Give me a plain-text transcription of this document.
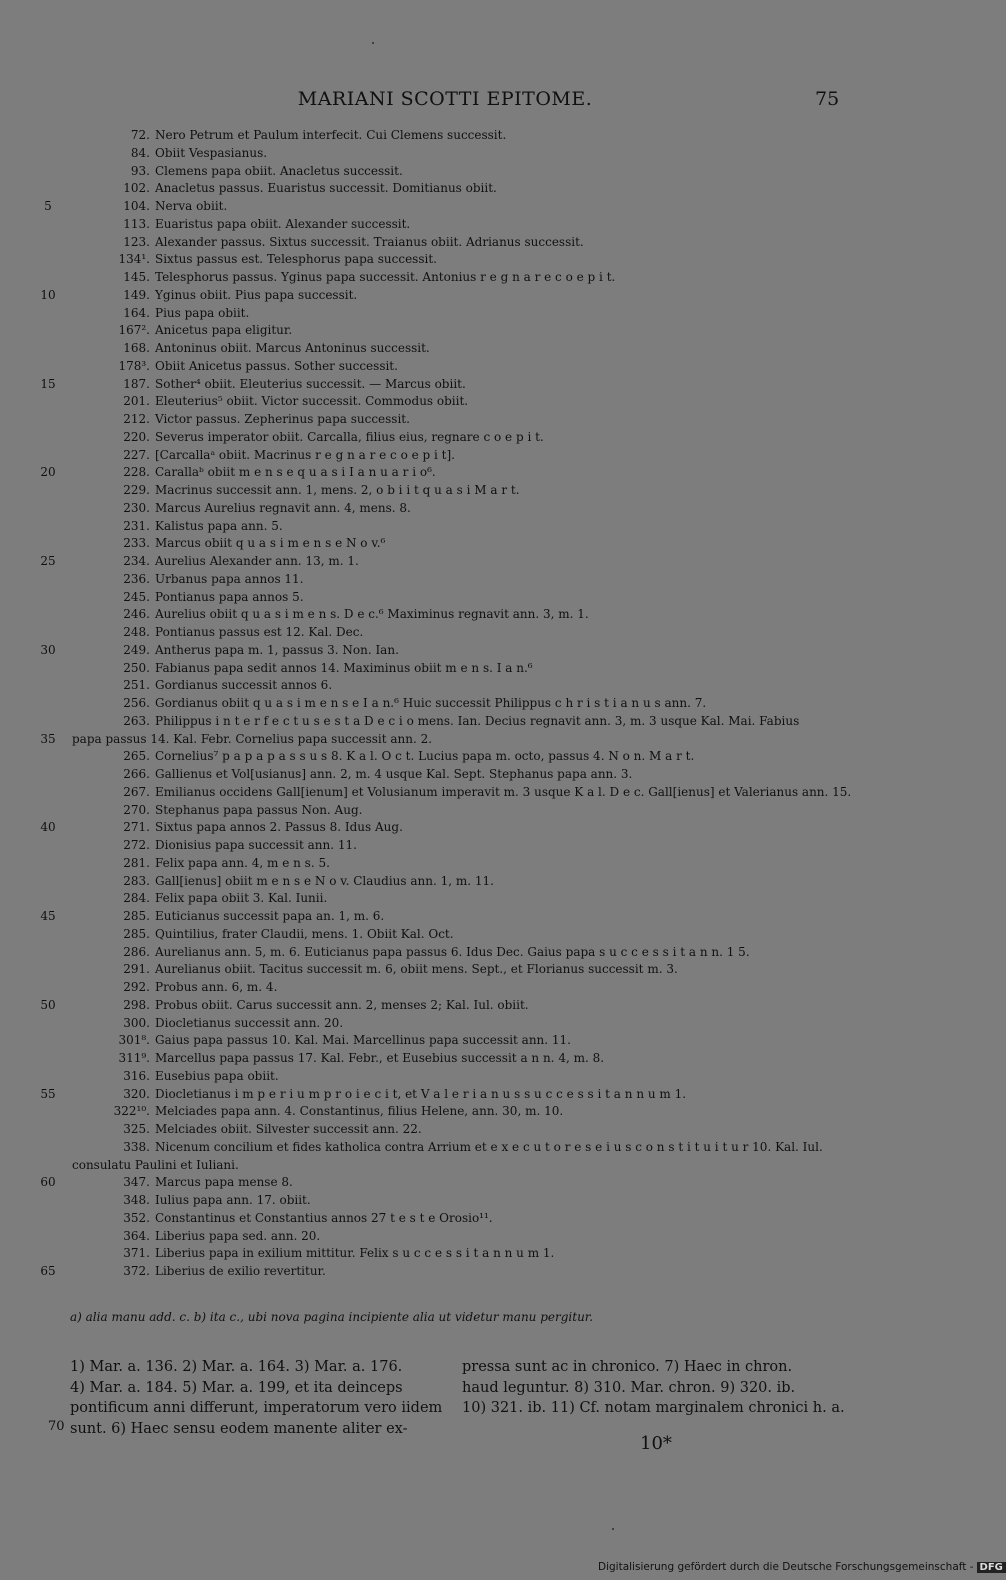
MARIANI SCOTTI EPITOME.	75
72. Nero Petrum et Paulum interfecit. Cui Clemens successit.
84. Obiit Vespasianus.
93. Clemens papa obiit. Anacletus successit.
102. Anacletus passus. Euaristus successit. Domitianus obiit.
5	104. Nerva obiit.
113. Euaristus papa obiit. Alexander successit.
123. Alexander passus. Sixtus successit. Traianus obiit. Adrianus successit.
134¹. Sixtus passus est. Telesphorus papa successit.
145. Telesphorus passus. Yginus papa successit. Antonius r e g n a r e c o e p i t.
10	149. Yginus obiit. Pius papa successit.
164. Pius papa obiit.
167². Anicetus papa eligitur.
168. Antoninus obiit. Marcus Antoninus successit.
178³. Obiit Anicetus passus. Sother successit.
15	187. Sother⁴ obiit. Eleuterius successit. — Marcus obiit.
201. Eleuterius⁵ obiit. Victor successit. Commodus obiit.
212. Victor passus. Zepherinus papa successit.
220. Severus imperator obiit. Carcalla, filius eius, regnare c o e p i t.
227. [Carcallaᵃ obiit. Macrinus r e g n a r e c o e p i t].
20	228. Carallaᵇ obiit m e n s e q u a s i I a n u a r i o⁶.
229. Macrinus successit ann. 1, mens. 2, o b i i t q u a s i M a r t.
230. Marcus Aurelius regnavit ann. 4, mens. 8.
231. Kalistus papa ann. 5.
233. Marcus obiit q u a s i m e n s e N o v.⁶
25	234. Aurelius Alexander ann. 13, m. 1.
236. Urbanus papa annos 11.
245. Pontianus papa annos 5.
246. Aurelius obiit q u a s i m e n s. D e c.⁶ Maximinus regnavit ann. 3, m. 1.
248. Pontianus passus est 12. Kal. Dec.
30	249. Antherus papa m. 1, passus 3. Non. Ian.
250. Fabianus papa sedit annos 14. Maximinus obiit m e n s. I a n.⁶
251. Gordianus successit annos 6.
256. Gordianus obiit q u a s i m e n s e I a n.⁶ Huic successit Philippus c h r i s t i a n u s ann. 7.
263. Philippus i n t e r f e c t u s e s t a D e c i o mens. Ian. Decius regnavit ann. 3, m. 3 usque Kal. Mai. Fabius
35	papa passus 14. Kal. Febr. Cornelius papa successit ann. 2.
265. Cornelius⁷ p a p a p a s s u s 8. K a l. O c t. Lucius papa m. octo, passus 4. N o n. M a r t.
266. Gallienus et Vol[usianus] ann. 2, m. 4 usque Kal. Sept. Stephanus papa ann. 3.
267. Emilianus occidens Gall[ienum] et Volusianum imperavit m. 3 usque K a l. D e c. Gall[ienus] et Valerianus ann. 15.
270. Stephanus papa passus Non. Aug.
40	271. Sixtus papa annos 2. Passus 8. Idus Aug.
272. Dionisius papa successit ann. 11.
281. Felix papa ann. 4, m e n s. 5.
283. Gall[ienus] obiit m e n s e N o v. Claudius ann. 1, m. 11.
284. Felix papa obiit 3. Kal. Iunii.
45	285. Euticianus successit papa an. 1, m. 6.
285. Quintilius, frater Claudii, mens. 1. Obiit Kal. Oct.
286. Aurelianus ann. 5, m. 6. Euticianus papa passus 6. Idus Dec. Gaius papa s u c c e s s i t a n n. 1 5.
291. Aurelianus obiit. Tacitus successit m. 6, obiit mens. Sept., et Florianus successit m. 3.
292. Probus ann. 6, m. 4.
50	298. Probus obiit. Carus successit ann. 2, menses 2; Kal. Iul. obiit.
300. Diocletianus successit ann. 20.
301⁸. Gaius papa passus 10. Kal. Mai. Marcellinus papa successit ann. 11.
311⁹. Marcellus papa passus 17. Kal. Febr., et Eusebius successit a n n. 4, m. 8.
316. Eusebius papa obiit.
55	320. Diocletianus i m p e r i u m p r o i e c i t, et V a l e r i a n u s s u c c e s s i t a n n u m 1.
322¹⁰. Melciades papa ann. 4. Constantinus, filius Helene, ann. 30, m. 10.
325. Melciades obiit. Silvester successit ann. 22.
338. Nicenum concilium et fides katholica contra Arrium et e x e c u t o r e s e i u s c o n s t i t u i t u r 10. Kal. Iul.
consulatu Paulini et Iuliani.
60	347. Marcus papa mense 8.
348. Iulius papa ann. 17. obiit.
352. Constantinus et Constantius annos 27 t e s t e Orosio¹¹.
364. Liberius papa sed. ann. 20.
371. Liberius papa in exilium mittitur. Felix s u c c e s s i t a n n u m 1.
65	372. Liberius de exilio revertitur.
a) alia manu add. c. b) ita c., ubi nova pagina incipiente alia ut videtur manu pergitur.
1) Mar. a. 136. 2) Mar. a. 164. 3) Mar. a. 176.
4) Mar. a. 184. 5) Mar. a. 199, et ita deinceps
pontificum anni differunt, imperatorum vero iidem
sunt. 6) Haec sensu eodem manente aliter ex-
70
pressa sunt ac in chronico. 7) Haec in chron.
haud leguntur. 8) 310. Mar. chron. 9) 320. ib.
10) 321. ib. 11) Cf. notam marginalem chronici h. a.
10*
Digitalisierung gefördert durch die Deutsche Forschungsgemeinschaft - DFG
